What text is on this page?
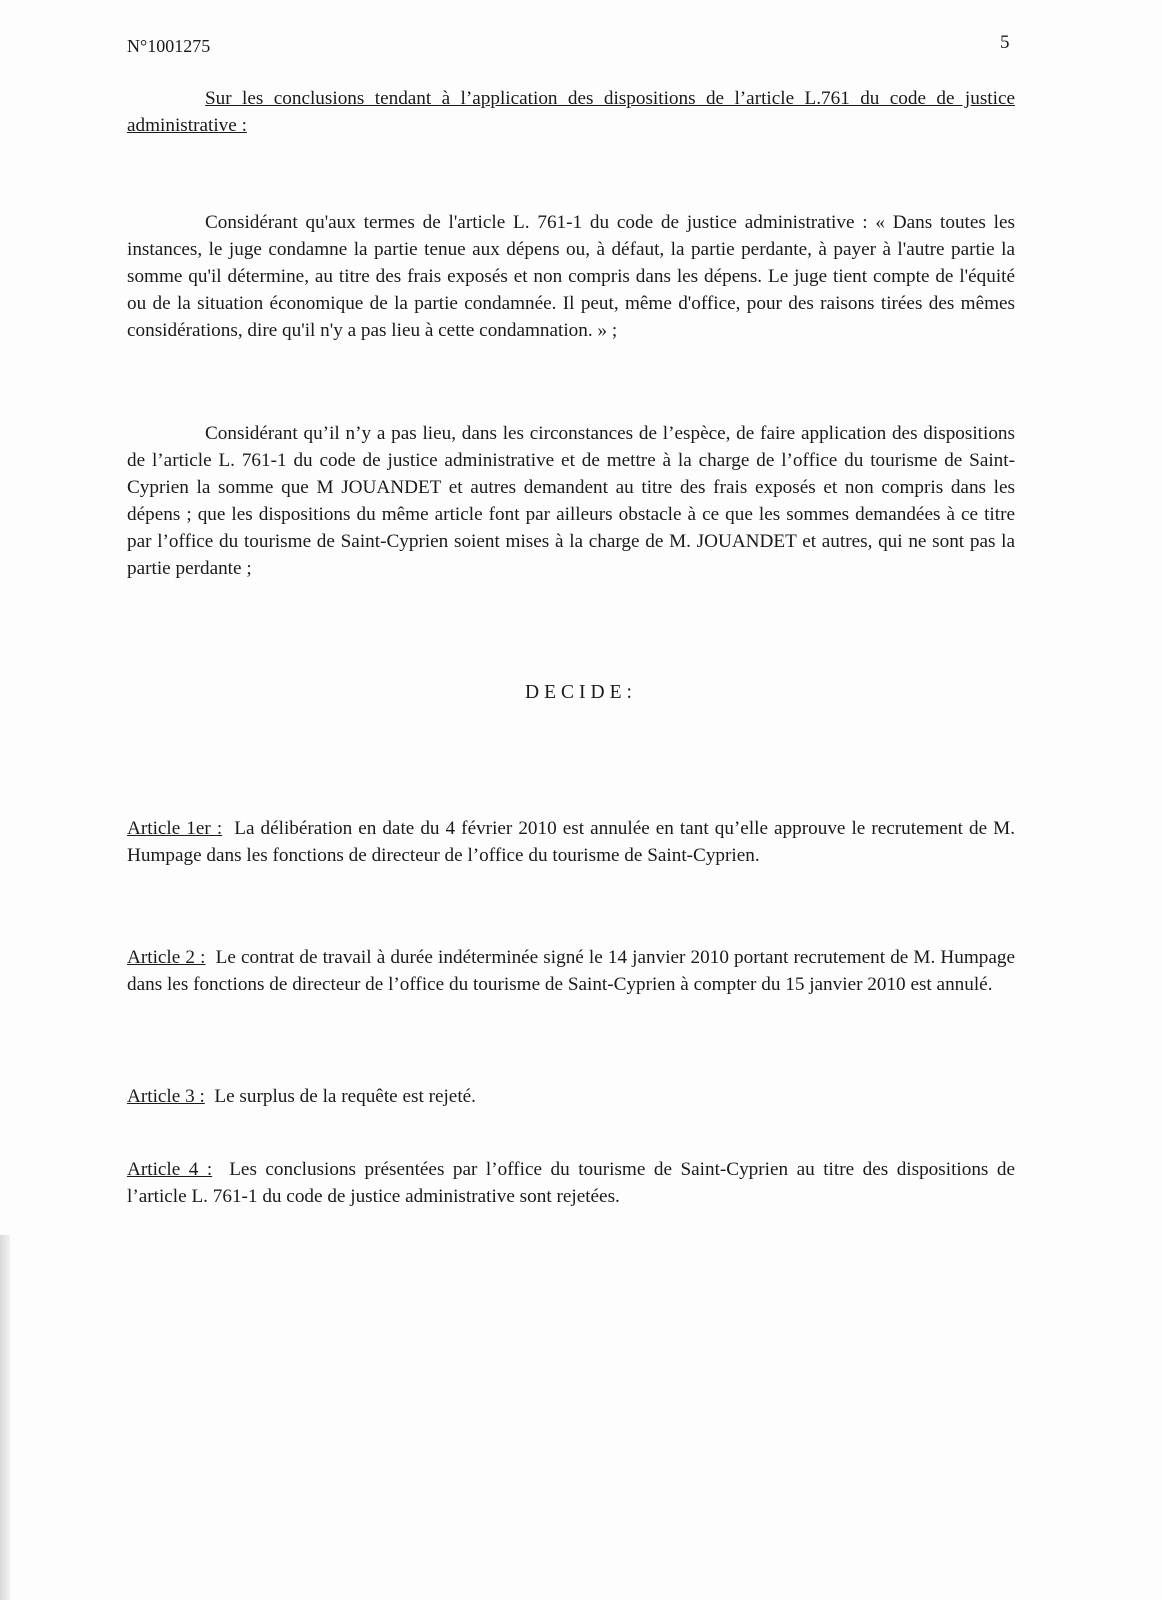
N°1001275	5
Sur les conclusions tendant à l’application des dispositions de l’article L.761 du code de justice administrative :
Considérant qu'aux termes de l'article L. 761-1 du code de justice administrative : « Dans toutes les instances, le juge condamne la partie tenue aux dépens ou, à défaut, la partie perdante, à payer à l'autre partie la somme qu'il détermine, au titre des frais exposés et non compris dans les dépens. Le juge tient compte de l'équité ou de la situation économique de la partie condamnée. Il peut, même d'office, pour des raisons tirées des mêmes considérations, dire qu'il n'y a pas lieu à cette condamnation. » ;
Considérant qu’il n’y a pas lieu, dans les circonstances de l’espèce, de faire application des dispositions de l’article L. 761-1 du code de justice administrative et de mettre à la charge de l’office du tourisme de Saint-Cyprien la somme que M JOUANDET et autres demandent au titre des frais exposés et non compris dans les dépens ; que les dispositions du même article font par ailleurs obstacle à ce que les sommes demandées à ce titre par l’office du tourisme de Saint-Cyprien soient mises à la charge de M. JOUANDET et autres, qui ne sont pas la partie perdante ;
DECIDE:
Article 1er : La délibération en date du 4 février 2010 est annulée en tant qu’elle approuve le recrutement de M. Humpage dans les fonctions de directeur de l’office du tourisme de Saint-Cyprien.
Article 2 : Le contrat de travail à durée indéterminée signé le 14 janvier 2010 portant recrutement de M. Humpage dans les fonctions de directeur de l’office du tourisme de Saint-Cyprien à compter du 15 janvier 2010 est annulé.
Article 3 : Le surplus de la requête est rejeté.
Article 4 : Les conclusions présentées par l’office du tourisme de Saint-Cyprien au titre des dispositions de l’article L. 761-1 du code de justice administrative sont rejetées.
